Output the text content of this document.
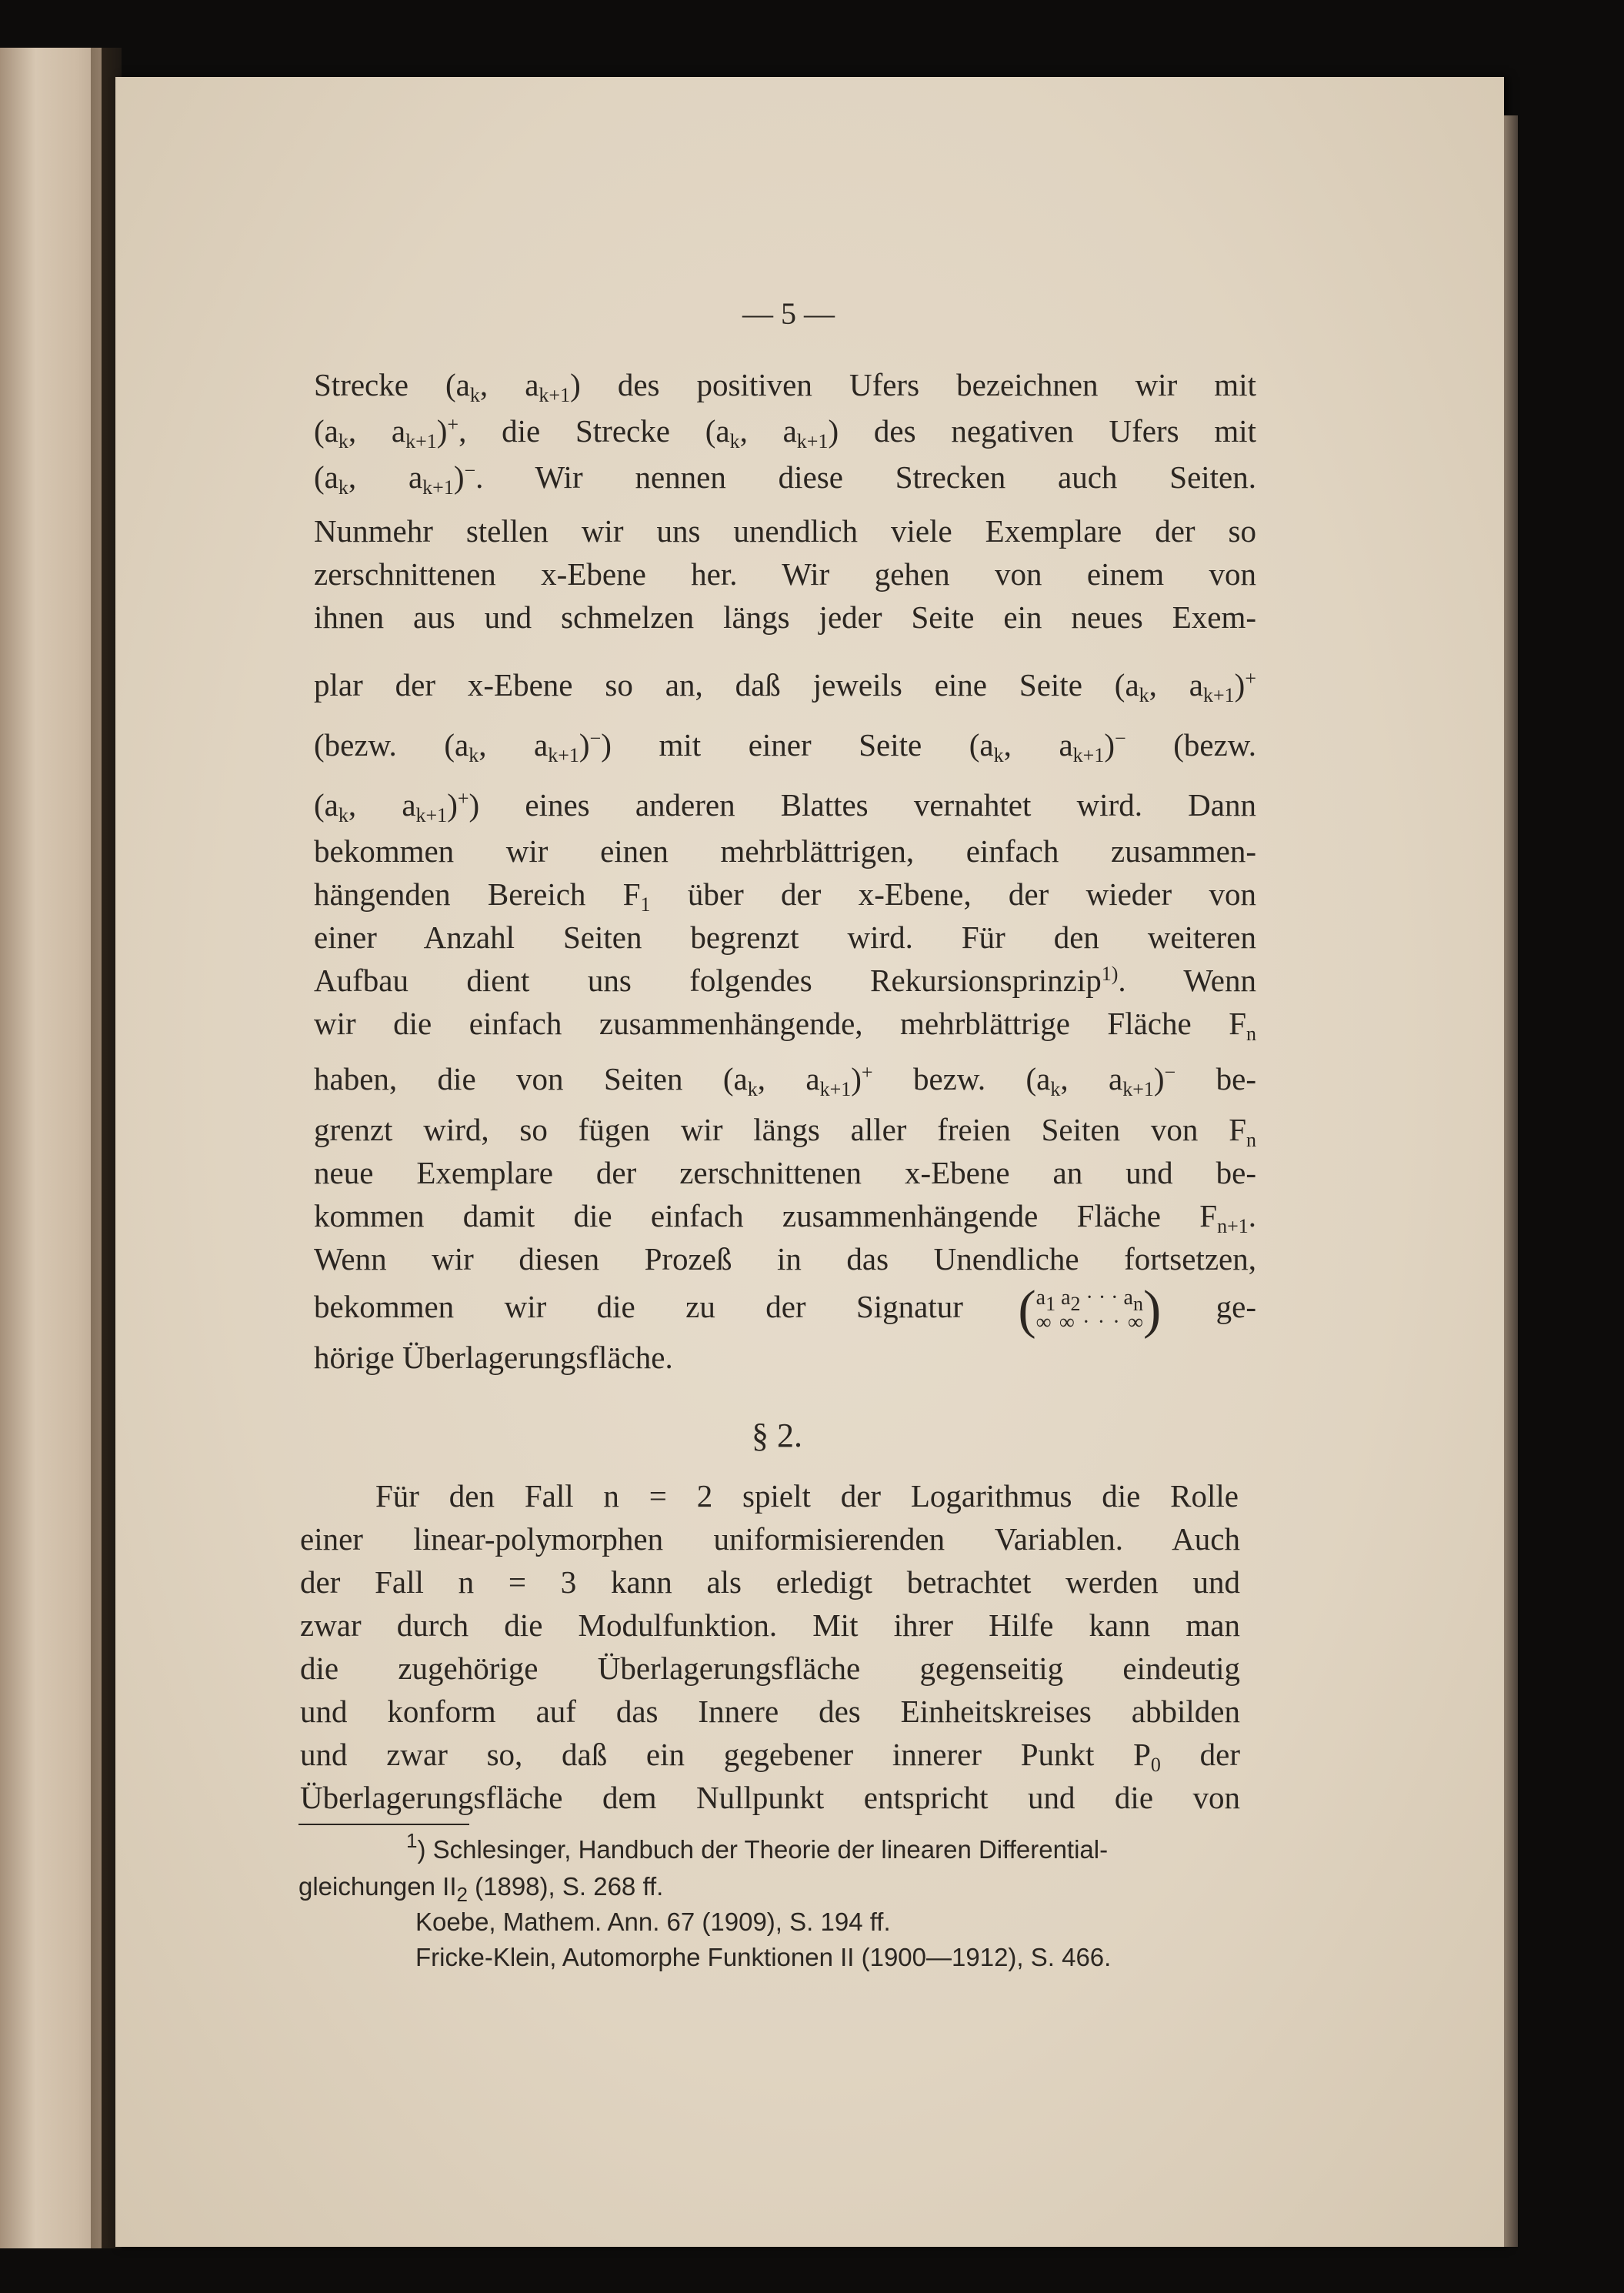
— 5 —

Strecke ($a_k$, $a_{k+1}$) des positiven Ufers bezeichnen wir mit

($a_k$, $a_{k+1})^+$, die Strecke ($a_k$, $a_{k+1}$) des negativen Ufers mit

($a_k$, $a_{k+1})^-$. Wir nennen diese Strecken auch Seiten.

Nunmehr stellen wir uns unendlich viele Exemplare der so

zerschnittenen x-Ebene her. Wir gehen von einem von

ihnen aus und schmelzen längs jeder Seite ein neues Exem-

plar der x-Ebene so an, daß jeweils eine Seite ($a_k$, $a_{k+1})^+$

(bezw. ($a_k$, $a_{k+1})^-$) mit einer Seite ($a_k$, $a_{k+1})^-$ (bezw.

($a_k$, $a_{k+1})^+$) eines anderen Blattes vernahtet wird. Dann

bekommen wir einen mehrblättrigen, einfach zusammen-

hängenden Bereich $F_1$ über der x-Ebene, der wieder von

einer Anzahl Seiten begrenzt wird. Für den weiteren

Aufbau dient uns folgendes Rekursionsprinzip$^{1)}$. Wenn

wir die einfach zusammenhängende, mehrblättrige Fläche $F_n$

haben, die von Seiten ($a_k$, $a_{k+1})^+$ bezw. ($a_k$, $a_{k+1})^-$ be-

grenzt wird, so fügen wir längs aller freien Seiten von $F_n$

neue Exemplare der zerschnittenen x-Ebene an und be-

kommen damit die einfach zusammenhängende Fläche $F_{n+1}$.

Wenn wir diesen Prozeß in das Unendliche fortsetzen,

bekommen wir die zu der Signatur ($a_1$ $a_2$ · · · $a_n$
∞ ∞ · · · ∞) ge-

hörige Überlagerungsfläche.

§ 2.

Für den Fall n = 2 spielt der Logarithmus die Rolle

einer linear-polymorphen uniformisierenden Variablen. Auch

der Fall n = 3 kann als erledigt betrachtet werden und

zwar durch die Modulfunktion. Mit ihrer Hilfe kann man

die zugehörige Überlagerungsfläche gegenseitig eindeutig

und konform auf das Innere des Einheitskreises abbilden

und zwar so, daß ein gegebener innerer Punkt $P_0$ der

Überlagerungsfläche dem Nullpunkt entspricht und die von

$^1$) Schlesinger, Handbuch der Theorie der linearen Differential-

gleichungen $II_2$ (1898), S. 268 ff.

Koebe, Mathem. Ann. 67 (1909), S. 194 ff.

Fricke-Klein, Automorphe Funktionen II (1900—1912), S. 466.
